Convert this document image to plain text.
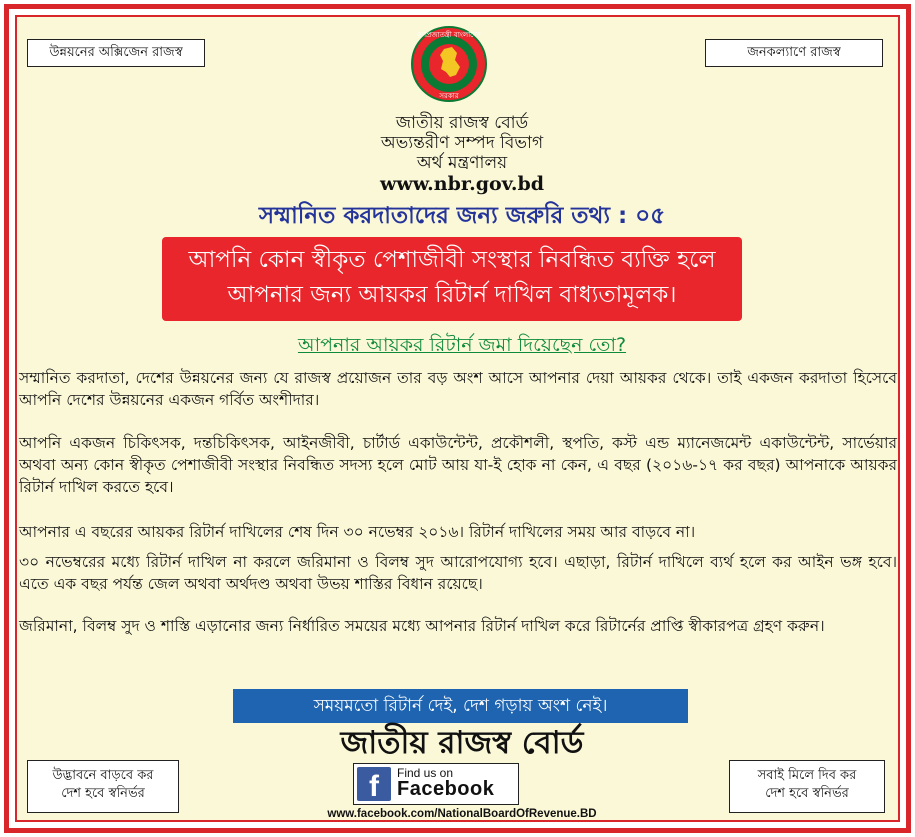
উন্নয়নের অক্সিজেন রাজস্ব	জনকল্যাণে রাজস্ব
গণপ্রজাতন্ত্রী বাংলাদেশ
সরকার
জাতীয় রাজস্ব বোর্ড
অভ্যন্তরীণ সম্পদ বিভাগ
অর্থ মন্ত্রণালয়
www.nbr.gov.bd
সম্মানিত করদাতাদের জন্য জরুরি তথ্য : ০৫
আপনি কোন স্বীকৃত পেশাজীবী সংস্থার নিবন্ধিত ব্যক্তি হলে
আপনার জন্য আয়কর রিটার্ন দাখিল বাধ্যতামূলক।
আপনার আয়কর রিটার্ন জমা দিয়েছেন তো?
সম্মানিত করদাতা, দেশের উন্নয়নের জন্য যে রাজস্ব প্রয়োজন তার বড় অংশ আসে আপনার দেয়া আয়কর থেকে। তাই একজন করদাতা হিসেবে আপনি দেশের উন্নয়নের একজন গর্বিত অংশীদার।
আপনি একজন চিকিৎসক, দন্তচিকিৎসক, আইনজীবী, চার্টার্ড একাউন্টেন্ট, প্রকৌশলী, স্থপতি, কস্ট এন্ড ম্যানেজমেন্ট একাউন্টেন্ট, সার্ভেয়ার অথবা অন্য কোন স্বীকৃত পেশাজীবী সংস্থার নিবন্ধিত সদস্য হলে মোট আয় যা-ই হোক না কেন, এ বছর (২০১৬-১৭ কর বছর) আপনাকে আয়কর রিটার্ন দাখিল করতে হবে।
আপনার এ বছরের আয়কর রিটার্ন দাখিলের শেষ দিন ৩০ নভেম্বর ২০১৬। রিটার্ন দাখিলের সময় আর বাড়বে না।
৩০ নভেম্বরের মধ্যে রিটার্ন দাখিল না করলে জরিমানা ও বিলম্ব সুদ আরোপযোগ্য হবে। এছাড়া, রিটার্ন দাখিলে ব্যর্থ হলে কর আইন ভঙ্গ হবে। এতে এক বছর পর্যন্ত জেল অথবা অর্থদণ্ড অথবা উভয় শাস্তির বিধান রয়েছে।
জরিমানা, বিলম্ব সুদ ও শাস্তি এড়ানোর জন্য নির্ধারিত সময়ের মধ্যে আপনার রিটার্ন দাখিল করে রিটার্নের প্রাপ্তি স্বীকারপত্র গ্রহণ করুন।
সময়মতো রিটার্ন দেই, দেশ গড়ায় অংশ নেই।
জাতীয় রাজস্ব বোর্ড
f	Find us on
Facebook
www.facebook.com/NationalBoardOfRevenue.BD
উদ্ভাবনে বাড়বে কর
দেশ হবে স্বনির্ভর
সবাই মিলে দিব কর
দেশ হবে স্বনির্ভর
